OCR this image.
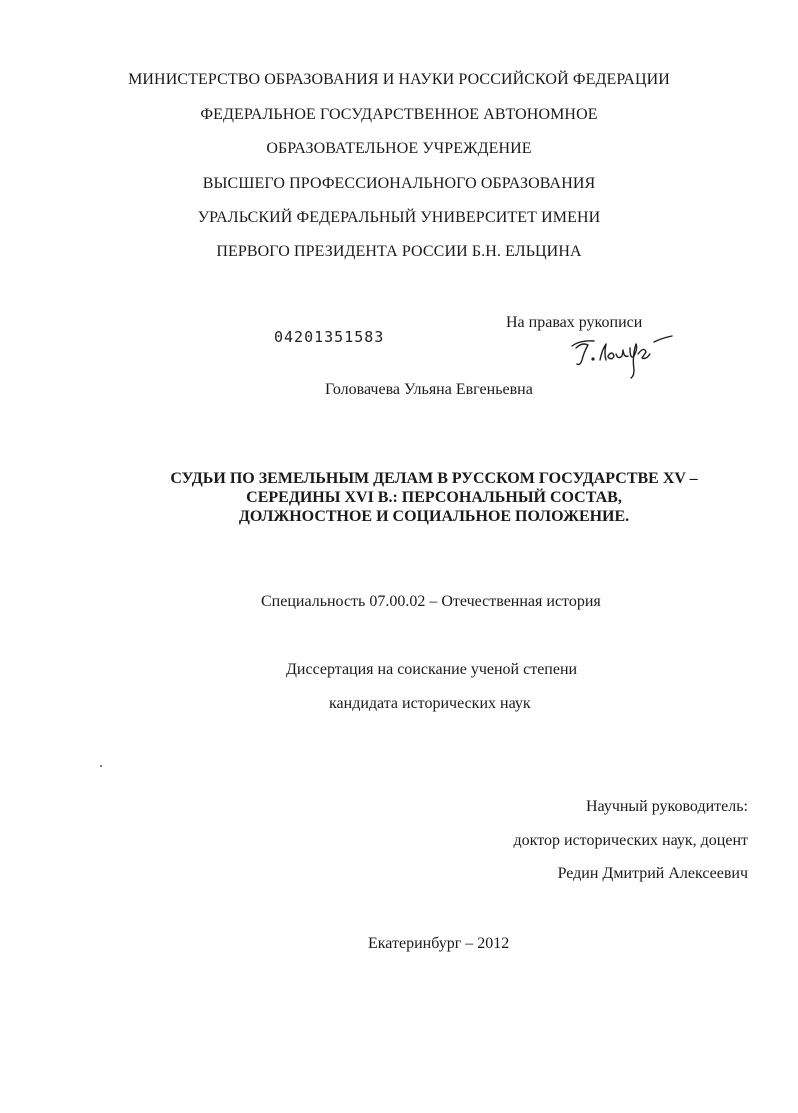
МИНИСТЕРСТВО ОБРАЗОВАНИЯ И НАУКИ РОССИЙСКОЙ ФЕДЕРАЦИИ
ФЕДЕРАЛЬНОЕ ГОСУДАРСТВЕННОЕ АВТОНОМНОЕ
ОБРАЗОВАТЕЛЬНОЕ УЧРЕЖДЕНИЕ
ВЫСШЕГО ПРОФЕССИОНАЛЬНОГО ОБРАЗОВАНИЯ
УРАЛЬСКИЙ ФЕДЕРАЛЬНЫЙ УНИВЕРСИТЕТ ИМЕНИ
ПЕРВОГО ПРЕЗИДЕНТА РОССИИ Б.Н. ЕЛЬЦИНА
04201351583
На правах рукописи
Головачева Ульяна Евгеньевна
СУДЬИ ПО ЗЕМЕЛЬНЫМ ДЕЛАМ В РУССКОМ ГОСУДАРСТВЕ XV –
СЕРЕДИНЫ XVI В.: ПЕРСОНАЛЬНЫЙ СОСТАВ,
ДОЛЖНОСТНОЕ И СОЦИАЛЬНОЕ ПОЛОЖЕНИЕ.
Специальность 07.00.02 – Отечественная история
Диссертация на соискание ученой степени
кандидата исторических наук
Научный руководитель:
доктор исторических наук, доцент
Редин Дмитрий Алексеевич
Екатеринбург – 2012
